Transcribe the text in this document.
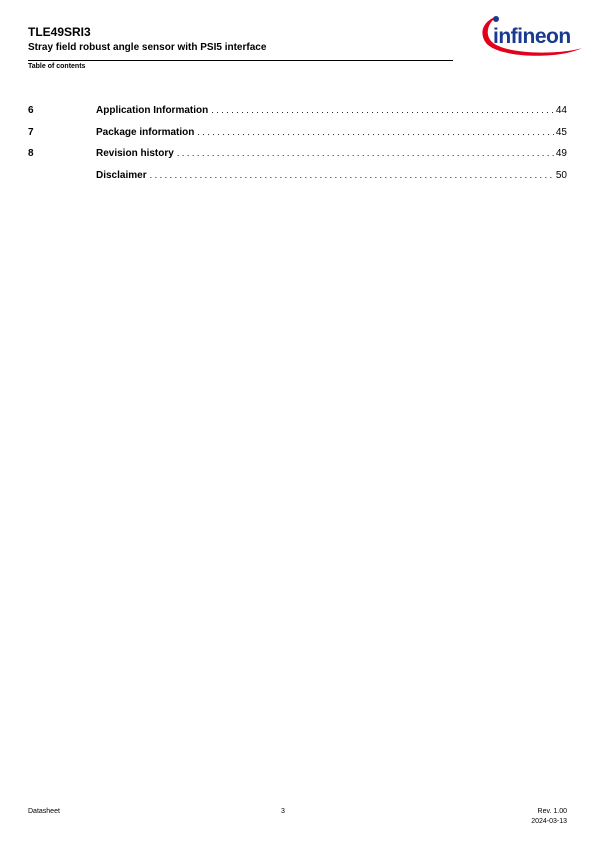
TLE49SRI3
Stray field robust angle sensor with PSI5 interface
Table of contents
infineon
6	Application Information . . .	44
7	Package information . . .	45
8	Revision history . . .	49
Disclaimer . . .	50
Datasheet	3	Rev. 1.00
2024-03-13
